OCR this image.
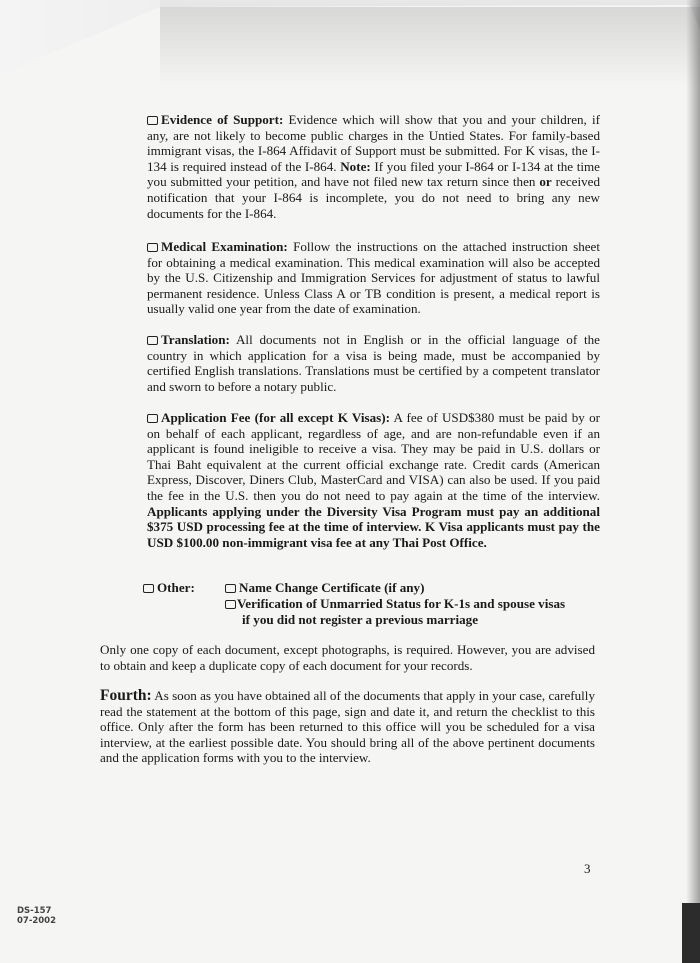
Evidence of Support: Evidence which will show that you and your children, if any, are not likely to become public charges in the Untied States. For family-based immigrant visas, the I-864 Affidavit of Support must be submitted. For K visas, the I-134 is required instead of the I-864. Note: If you filed your I-864 or I-134 at the time you submitted your petition, and have not filed new tax return since then or received notification that your I-864 is incomplete, you do not need to bring any new documents for the I-864.
Medical Examination: Follow the instructions on the attached instruction sheet for obtaining a medical examination. This medical examination will also be accepted by the U.S. Citizenship and Immigration Services for adjustment of status to lawful permanent residence. Unless Class A or TB condition is present, a medical report is usually valid one year from the date of examination.
Translation: All documents not in English or in the official language of the country in which application for a visa is being made, must be accompanied by certified English translations. Translations must be certified by a competent translator and sworn to before a notary public.
Application Fee (for all except K Visas): A fee of USD$380 must be paid by or on behalf of each applicant, regardless of age, and are non-refundable even if an applicant is found ineligible to receive a visa. They may be paid in U.S. dollars or Thai Baht equivalent at the current official exchange rate. Credit cards (American Express, Discover, Diners Club, MasterCard and VISA) can also be used. If you paid the fee in the U.S. then you do not need to pay again at the time of the interview. Applicants applying under the Diversity Visa Program must pay an additional $375 USD processing fee at the time of interview. K Visa applicants must pay the USD $100.00 non-immigrant visa fee at any Thai Post Office.
Other:	Name Change Certificate (if any)
Verification of Unmarried Status for K-1s and spouse visas
if you did not register a previous marriage
Only one copy of each document, except photographs, is required. However, you are advised to obtain and keep a duplicate copy of each document for your records.
Fourth: As soon as you have obtained all of the documents that apply in your case, carefully read the statement at the bottom of this page, sign and date it, and return the checklist to this office. Only after the form has been returned to this office will you be scheduled for a visa interview, at the earliest possible date. You should bring all of the above pertinent documents and the application forms with you to the interview.
3
DS-157
07-2002
